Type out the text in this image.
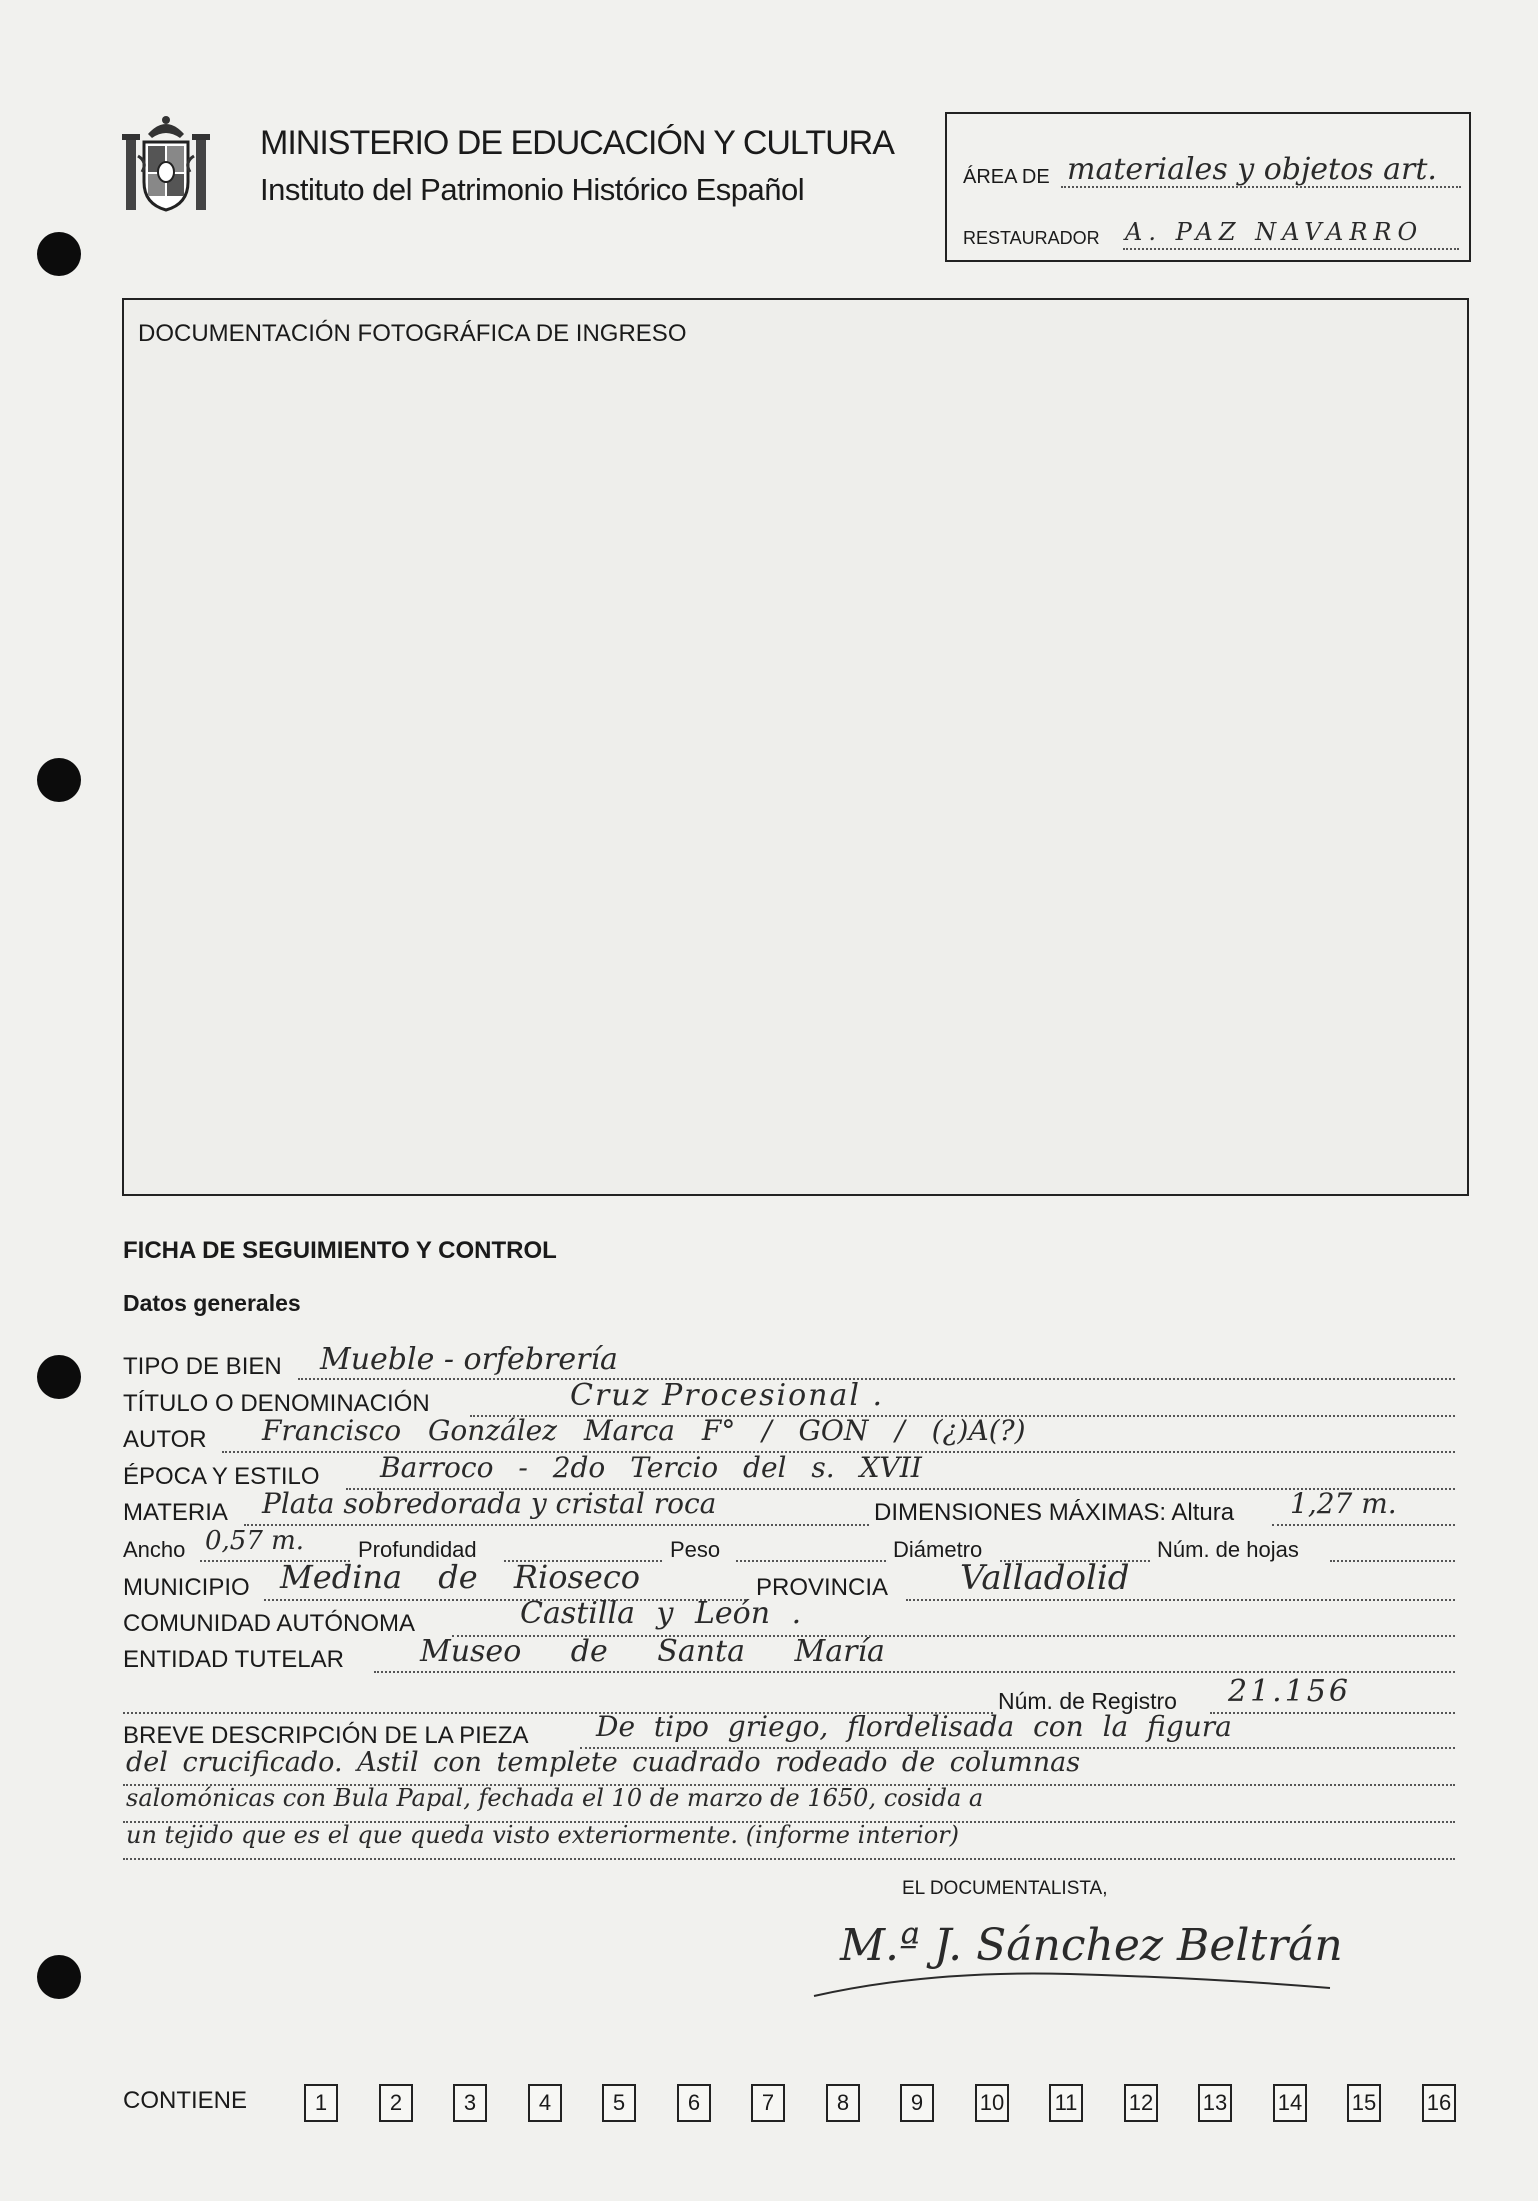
MINISTERIO DE EDUCACIÓN Y CULTURA
Instituto del Patrimonio Histórico Español	ÁREA DE materiales y objetos art.
RESTAURADOR A. PAZ NAVARRO
DOCUMENTACIÓN FOTOGRÁFICA DE INGRESO
FICHA DE SEGUIMIENTO Y CONTROL
Datos generales
TIPO DE BIEN Mueble - orfebrería
TÍTULO O DENOMINACIÓN	Cruz Procesional .
AUTOR Francisco González Marca F° / GON / (¿)A(?)
ÉPOCA Y ESTILO Barroco - 2do Tercio del s. XVII
MATERIA Plata sobredorada y cristal roca	DIMENSIONES MÁXIMAS: Altura 1,27 m.
Ancho 0,57 m. Profundidad	Peso	Diámetro	Núm. de hojas
MUNICIPIO Medina de Rioseco	PROVINCIA Valladolid
COMUNIDAD AUTÓNOMA	Castilla y León .
ENTIDAD TUTELAR	Museo de Santa María
Núm. de Registro 21.156
BREVE DESCRIPCIÓN DE LA PIEZA De tipo griego, flordelisada con la figura
del crucificado. Astil con templete cuadrado rodeado de columnas
salomónicas con Bula Papal, fechada el 10 de marzo de 1650, cosida a
un tejido que es el que queda visto exteriormente. (informe interior)
EL DOCUMENTALISTA,
M.ª J. Sánchez Beltrán
CONTIENE	1	2	3	4	5	6	7	8	9	10 11 12 13 14 15 16
